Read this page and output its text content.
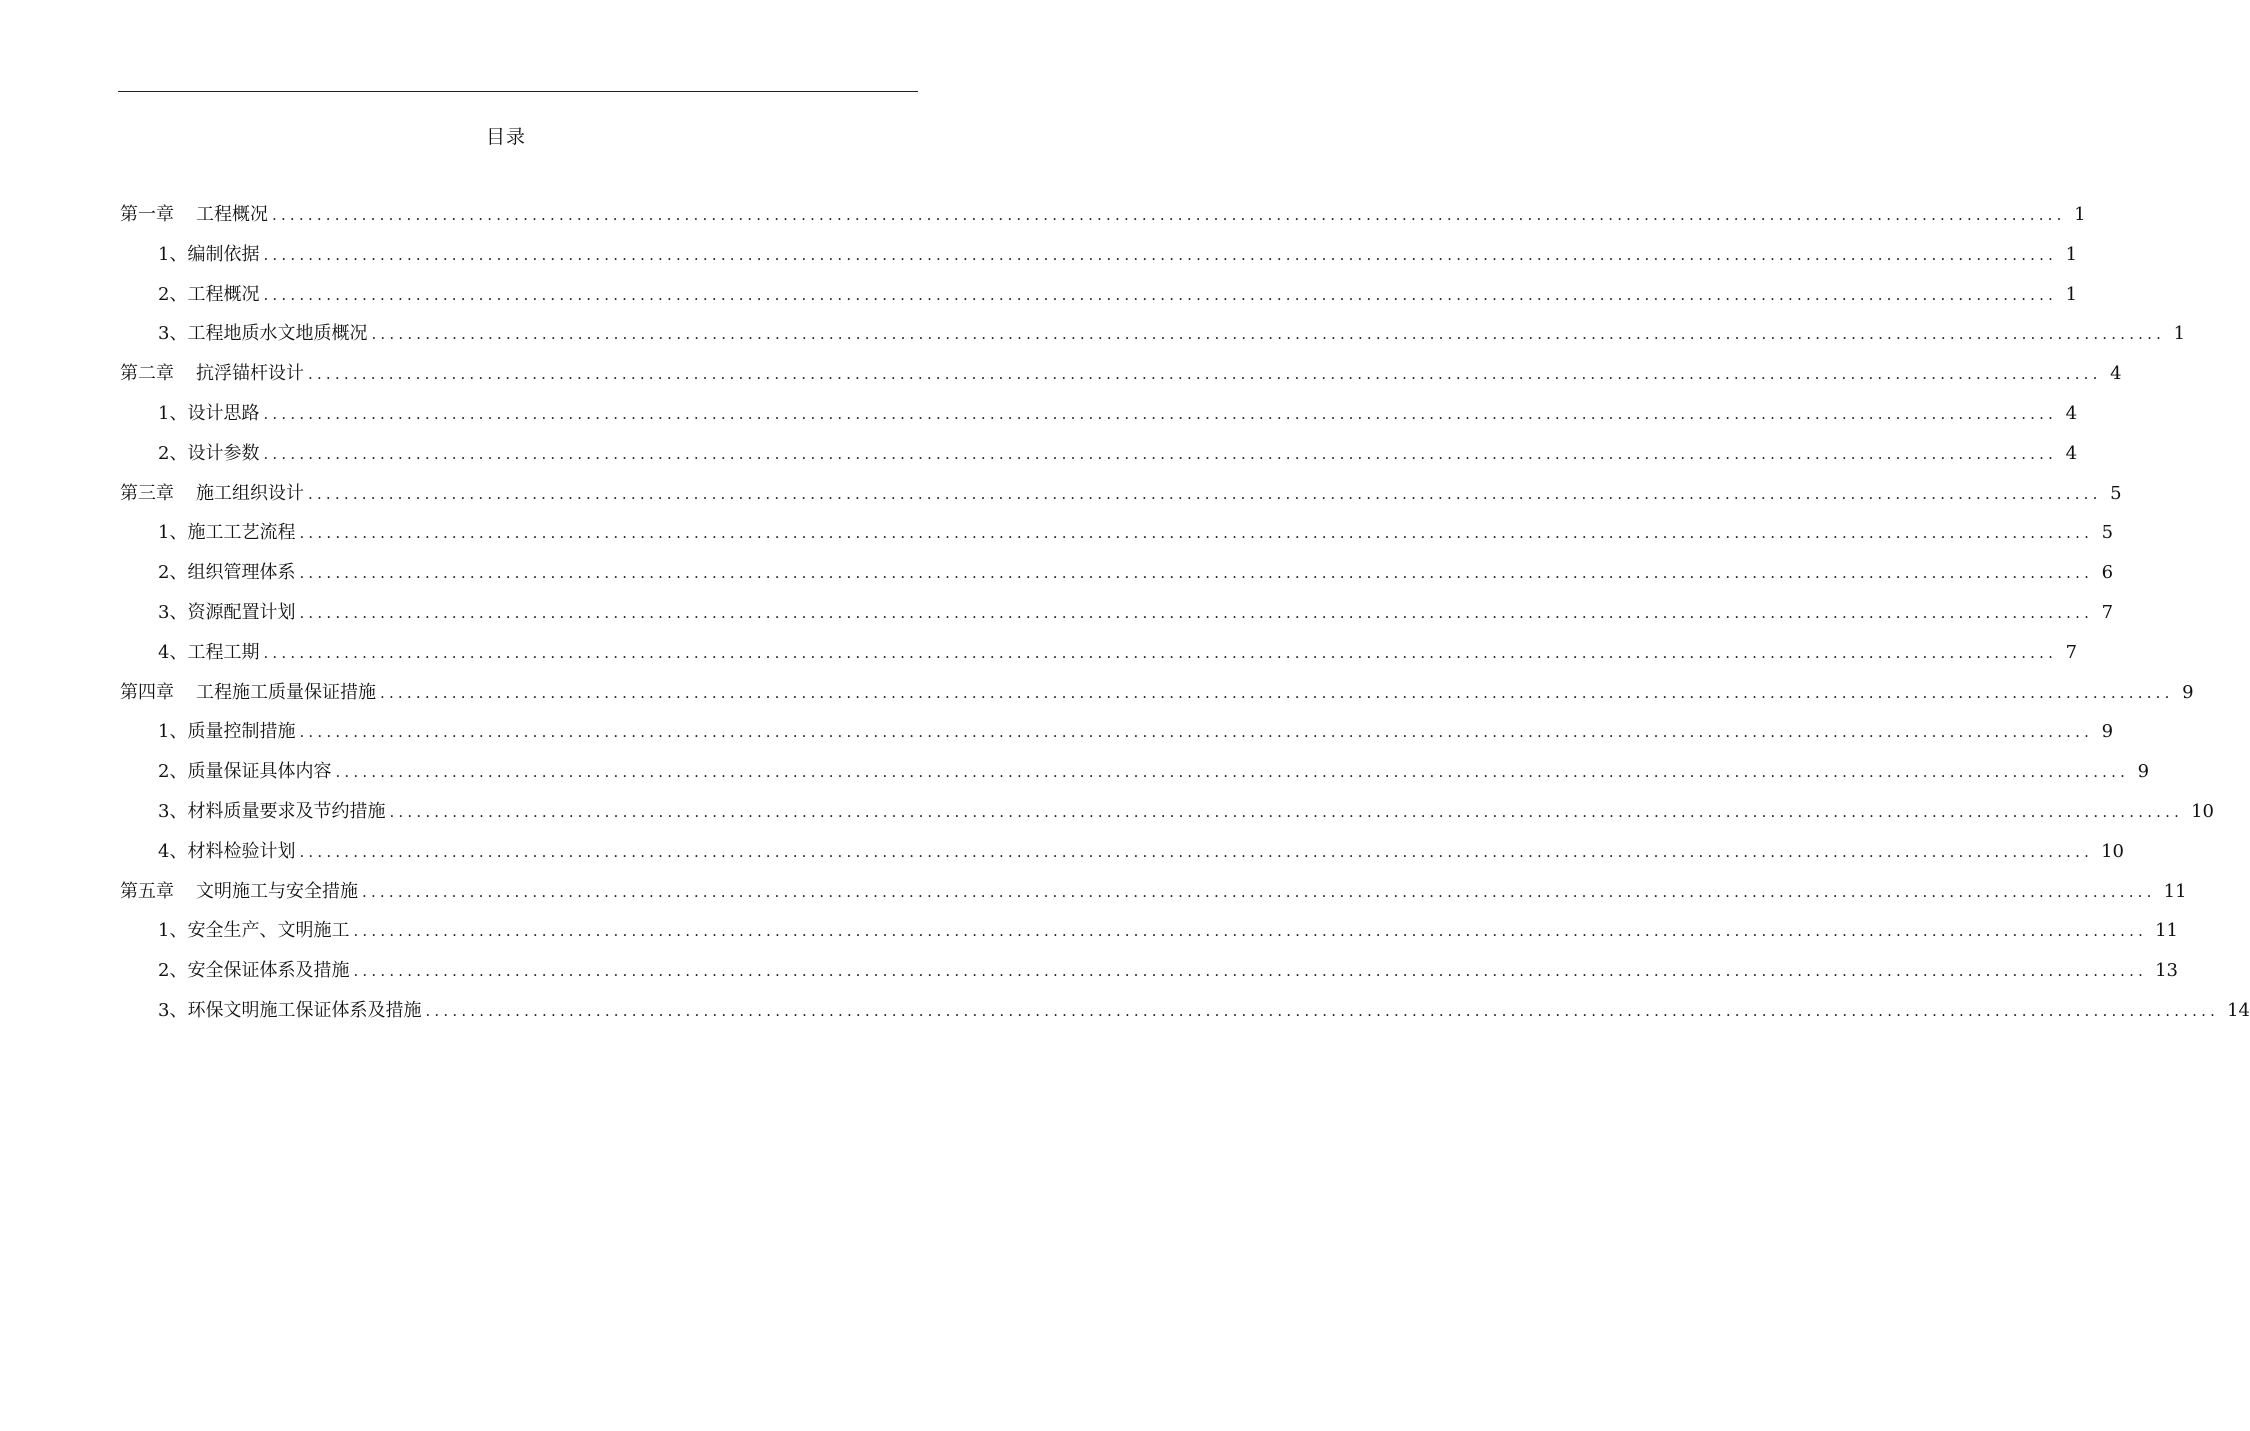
目录
第一章 工程概况 ........................................................................................................................................................................................................ 1
1、编制依据 ........................................................................................................................................................................................................ 1
2、工程概况 ........................................................................................................................................................................................................ 1
3、工程地质水文地质概况 ........................................................................................................................................................................................................ 1
第二章 抗浮锚杆设计 ........................................................................................................................................................................................................ 4
1、设计思路 ........................................................................................................................................................................................................ 4
2、设计参数 ........................................................................................................................................................................................................ 4
第三章 施工组织设计 ........................................................................................................................................................................................................ 5
1、施工工艺流程 ........................................................................................................................................................................................................ 5
2、组织管理体系 ........................................................................................................................................................................................................ 6
3、资源配置计划 ........................................................................................................................................................................................................ 7
4、工程工期 ........................................................................................................................................................................................................ 7
第四章 工程施工质量保证措施 ........................................................................................................................................................................................................ 9
1、质量控制措施 ........................................................................................................................................................................................................ 9
2、质量保证具体内容 ........................................................................................................................................................................................................ 9
3、材料质量要求及节约措施 ........................................................................................................................................................................................................ 10
4、材料检验计划 ........................................................................................................................................................................................................ 10
第五章 文明施工与安全措施 ........................................................................................................................................................................................................ 11
1、安全生产、文明施工 ........................................................................................................................................................................................................ 11
2、安全保证体系及措施 ........................................................................................................................................................................................................ 13
3、环保文明施工保证体系及措施 ........................................................................................................................................................................................................ 14
